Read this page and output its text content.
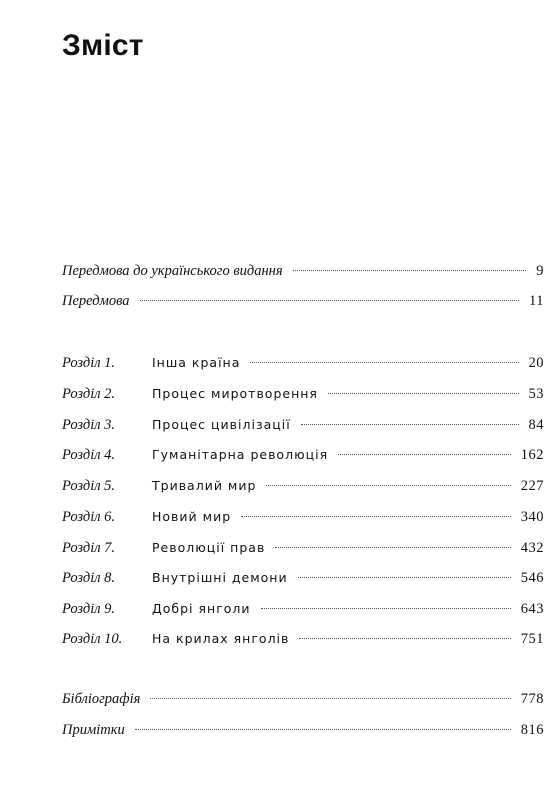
Зміст
Передмова до українського видання	9
Передмова	11
Розділ 1.	Інша країна	20
Розділ 2.	Процес миротворення	53
Розділ 3.	Процес цивілізації	84
Розділ 4.	Гуманітарна революція	162
Розділ 5.	Тривалий мир	227
Розділ 6.	Новий мир	340
Розділ 7.	Революції прав	432
Розділ 8.	Внутрішні демони	546
Розділ 9.	Добрі янголи	643
Розділ 10.	На крилах янголів	751
Бібліографія	778
Примітки	816
